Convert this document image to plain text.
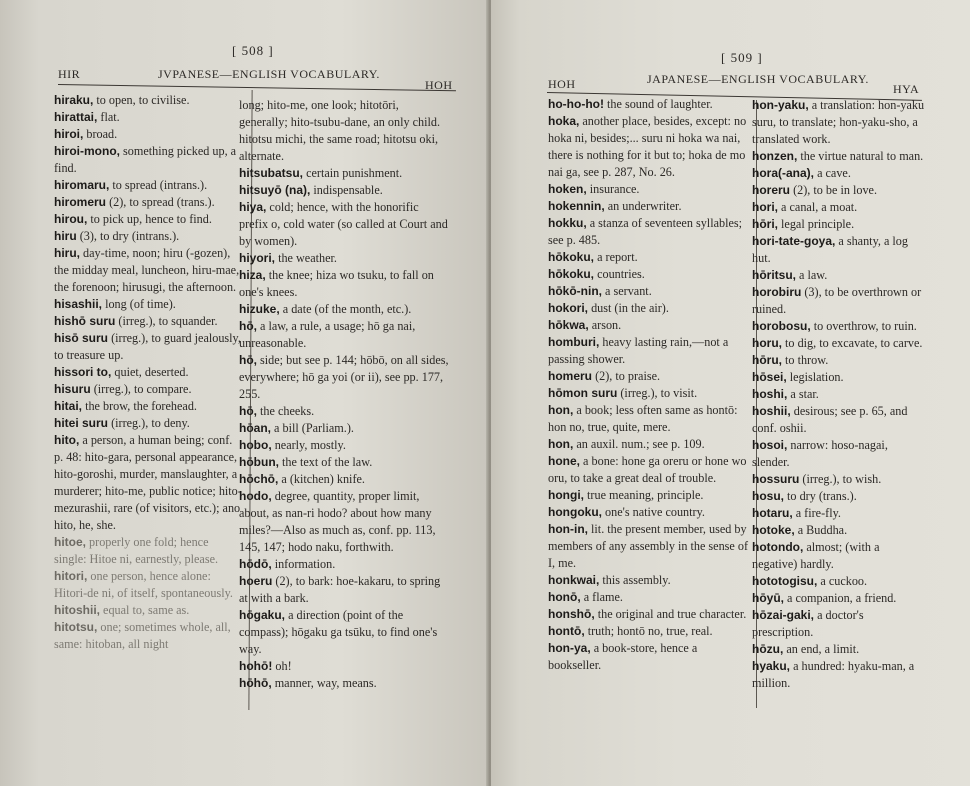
[ 508 ]
HIR	JVPANESE—ENGLISH VOCABULARY.
HOH
hiraku, to open, to civilise.
hirattai, flat.
hiroi, broad.
hiroi-mono, something picked up, a find.
hiromaru, to spread (intrans.).
hiromeru (2), to spread (trans.).
hirou, to pick up, hence to find.
hiru (3), to dry (intrans.).
hiru, day-time, noon; hiru (-gozen), the midday meal, luncheon, hiru-mae, the forenoon; hirusugi, the afternoon.
hisashii, long (of time).
hishō suru (irreg.), to squander.
hisō suru (irreg.), to guard jealously, to treasure up.
hissori to, quiet, deserted.
hisuru (irreg.), to compare.
hitai, the brow, the forehead.
hitei suru (irreg.), to deny.
hito, a person, a human being; conf. p. 48: hito-gara, personal appearance, hito-goroshi, murder, manslaughter, a murderer; hito-me, public notice; hito-mezurashii, rare (of visitors, etc.); ano hito, he, she.
hitoe, properly one fold; hence single: Hitoe ni, earnestly, please.
hitori, one person, hence alone: Hitori-de ni, of itself, spontaneously.
hitoshii, equal to, same as.
hitotsu, one; sometimes whole, all, same: hitoban, all night
long; hito-me, one look; hitotōri, generally; hito-tsubu-dane, an only child. hitotsu michi, the same road; hitotsu oki, alternate.
hitsubatsu, certain punishment.
hitsuyō (na), indispensable.
hiya, cold; hence, with the honorific prefix o, cold water (so called at Court and by women).
hiyori, the weather.
hiza, the knee; hiza wo tsuku, to fall on one's knees.
hizuke, a date (of the month, etc.).
hō, a law, a rule, a usage; hō ga nai, unreasonable.
hō, side; but see p. 144; hōbō, on all sides, everywhere; hō ga yoi (or ii), see pp. 177, 255.
hō, the cheeks.
hōan, a bill (Parliam.).
hobo, nearly, mostly.
hōbun, the text of the law.
hōchō, a (kitchen) knife.
hodo, degree, quantity, proper limit, about, as nan-ri hodo? about how many miles?—Also as much as, conf. pp. 113, 145, 147; hodo naku, forthwith.
hōdō, information.
hoeru (2), to bark: hoe-kakaru, to spring at with a bark.
hōgaku, a direction (point of the compass); hōgaku ga tsūku, to find one's way.
hohō! oh!
hōhō, manner, way, means.
[ 509 ]
HOH	JAPANESE—ENGLISH VOCABULARY.
HYA
ho-ho-ho! the sound of laughter.
hoka, another place, besides, except: no hoka ni, besides;... suru ni hoka wa nai, there is nothing for it but to; hoka de mo nai ga, see p. 287, No. 26.
hoken, insurance.
hokennin, an underwriter.
hokku, a stanza of seventeen syllables; see p. 485.
hōkoku, a report.
hōkoku, countries.
hōkō-nin, a servant.
hokori, dust (in the air).
hōkwa, arson.
homburi, heavy lasting rain,—not a passing shower.
homeru (2), to praise.
hōmon suru (irreg.), to visit.
hon, a book; less often same as hontō: hon no, true, quite, mere.
hon, an auxil. num.; see p. 109.
hone, a bone: hone ga oreru or hone wo oru, to take a great deal of trouble.
hongi, true meaning, principle.
hongoku, one's native country.
hon-in, lit. the present member, used by members of any assembly in the sense of I, me.
honkwai, this assembly.
honō, a flame.
honshō, the original and true character.
hontō, truth; hontō no, true, real.
hon-ya, a book-store, hence a bookseller.
hon-yaku, a translation: hon-yaku suru, to translate; hon-yaku-sho, a translated work.
honzen, the virtue natural to man.
hora(-ana), a cave.
horeru (2), to be in love.
hori, a canal, a moat.
hōri, legal principle.
hori-tate-goya, a shanty, a log hut.
hōritsu, a law.
horobiru (3), to be overthrown or ruined.
horobosu, to overthrow, to ruin.
horu, to dig, to excavate, to carve.
hōru, to throw.
hōsei, legislation.
hoshi, a star.
hoshii, desirous; see p. 65, and conf. oshii.
hosoi, narrow: hoso-nagai, slender.
hossuru (irreg.), to wish.
hosu, to dry (trans.).
hotaru, a fire-fly.
hotoke, a Buddha.
hotondo, almost; (with a negative) hardly.
hototogisu, a cuckoo.
hōyū, a companion, a friend.
hōzai-gaki, a doctor's prescription.
hōzu, an end, a limit.
hyaku, a hundred: hyaku-man, a million.
